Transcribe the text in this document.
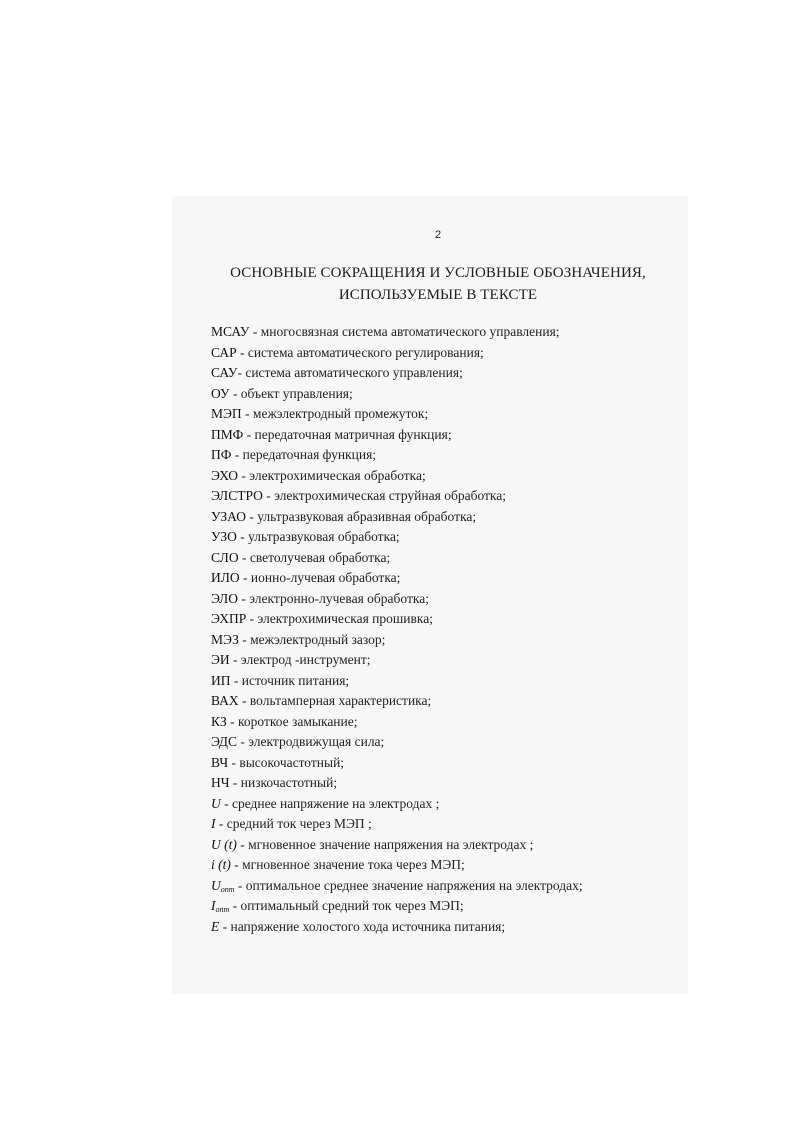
2
ОСНОВНЫЕ СОКРАЩЕНИЯ И УСЛОВНЫЕ ОБОЗНАЧЕНИЯ,
ИСПОЛЬЗУЕМЫЕ В ТЕКСТЕ
МСАУ - многосвязная система автоматического управления;
САР - система автоматического регулирования;
САУ- система автоматического управления;
ОУ - объект управления;
МЭП - межэлектродный промежуток;
ПМФ - передаточная матричная функция;
ПФ - передаточная функция;
ЭХО - электрохимическая обработка;
ЭЛСТРО - электрохимическая струйная обработка;
УЗАО - ультразвуковая абразивная обработка;
УЗО - ультразвуковая обработка;
СЛО - светолучевая обработка;
ИЛО - ионно-лучевая обработка;
ЭЛО - электронно-лучевая обработка;
ЭХПР - электрохимическая прошивка;
МЭЗ - межэлектродный зазор;
ЭИ - электрод -инструмент;
ИП - источник питания;
ВАХ - вольтамперная характеристика;
КЗ - короткое замыкание;
ЭДС - электродвижущая сила;
ВЧ - высокочастотный;
НЧ - низкочастотный;
U - среднее напряжение на электродах ;
I - средний ток через МЭП ;
U (t) - мгновенное значение напряжения на электродах ;
i (t) - мгновенное значение тока через МЭП;
$U_{опт}$ - оптимальное среднее значение напряжения на электродах;
$I_{опт}$ - оптимальный средний ток через МЭП;
E - напряжение холостого хода источника питания;
